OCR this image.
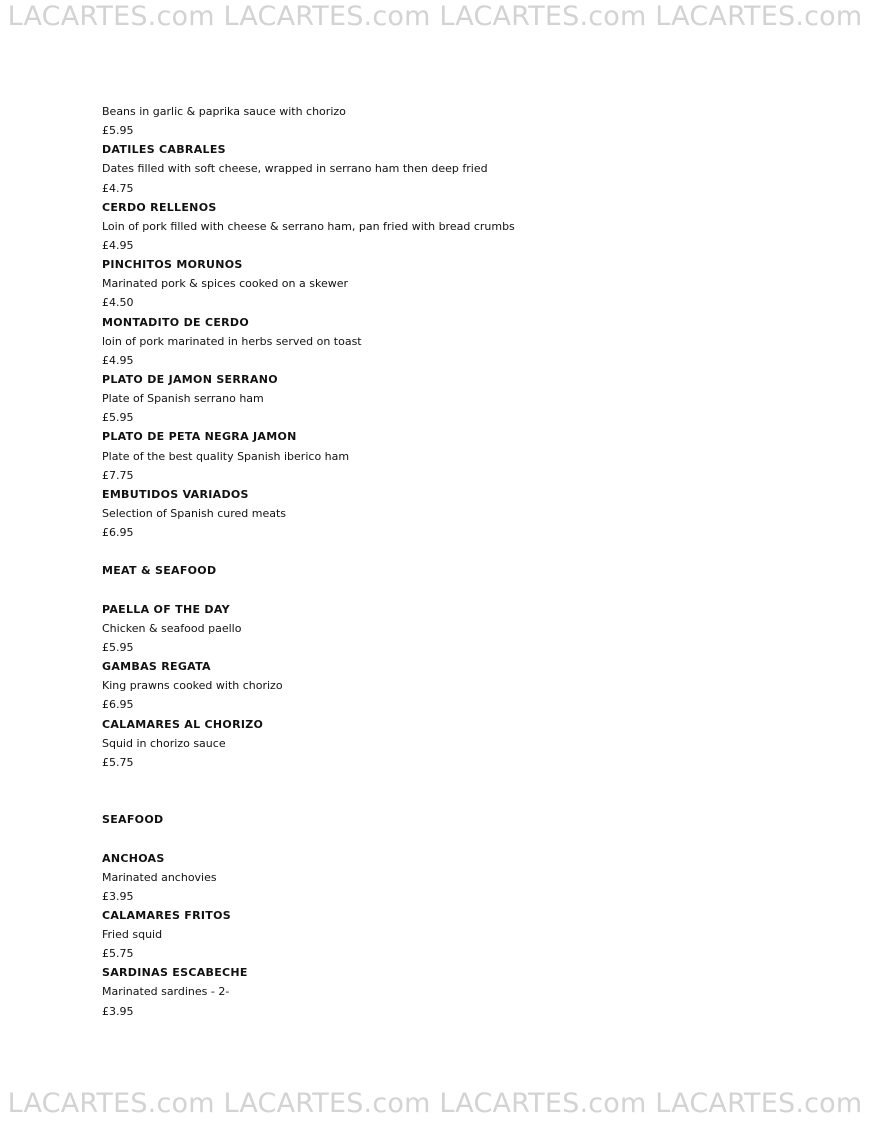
LACARTES.com LACARTES.com LACARTES.com LACARTES.com
Beans in garlic & paprika sauce with chorizo
£5.95
DATILES CABRALES
Dates filled with soft cheese, wrapped in serrano ham then deep fried
£4.75
CERDO RELLENOS
Loin of pork filled with cheese & serrano ham, pan fried with bread crumbs
£4.95
PINCHITOS MORUNOS
Marinated pork & spices cooked on a skewer
£4.50
MONTADITO DE CERDO
loin of pork marinated in herbs served on toast
£4.95
PLATO DE JAMON SERRANO
Plate of Spanish serrano ham
£5.95
PLATO DE PETA NEGRA JAMON
Plate of the best quality Spanish iberico ham
£7.75
EMBUTIDOS VARIADOS
Selection of Spanish cured meats
£6.95
MEAT & SEAFOOD
PAELLA OF THE DAY
Chicken & seafood paello
£5.95
GAMBAS REGATA
King prawns cooked with chorizo
£6.95
CALAMARES AL CHORIZO
Squid in chorizo sauce
£5.75
SEAFOOD
ANCHOAS
Marinated anchovies
£3.95
CALAMARES FRITOS
Fried squid
£5.75
SARDINAS ESCABECHE
Marinated sardines - 2-
£3.95
LACARTES.com LACARTES.com LACARTES.com LACARTES.com
